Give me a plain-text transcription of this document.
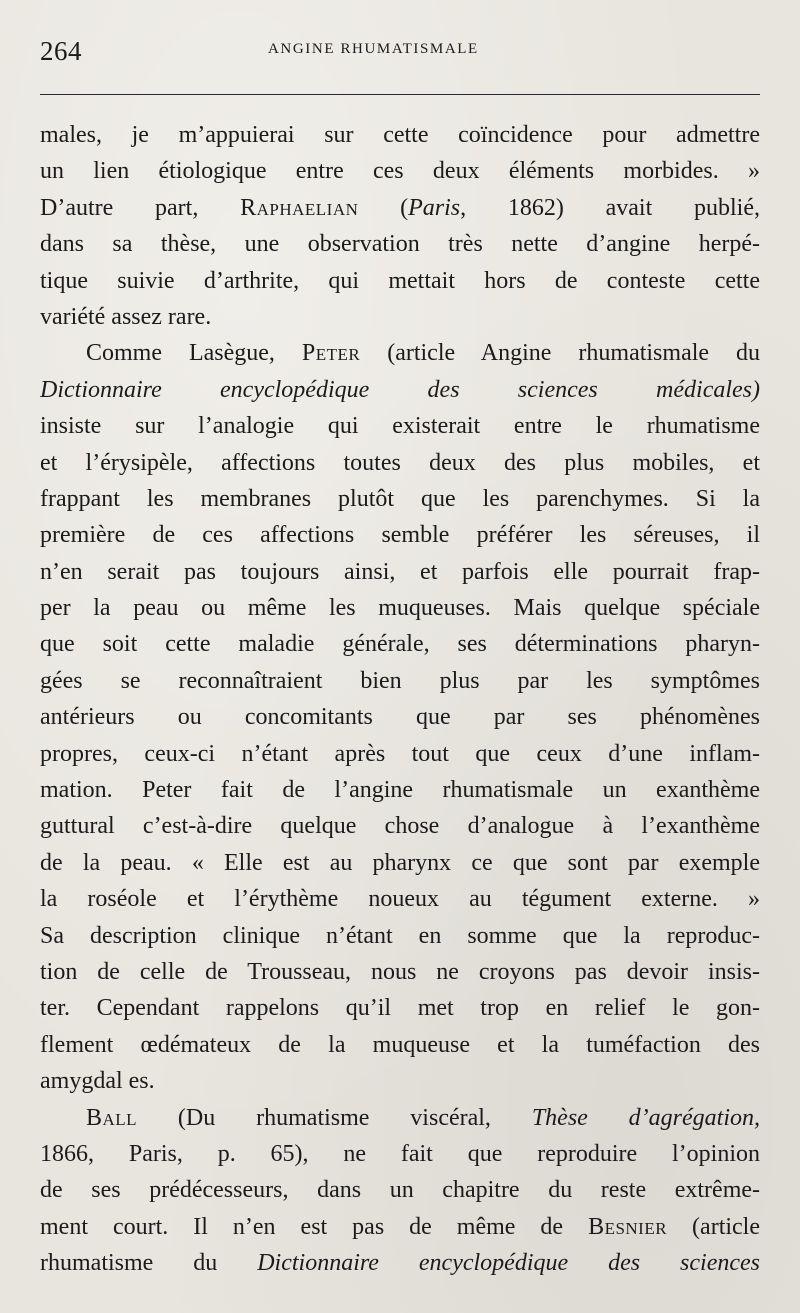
264	ANGINE RHUMATISMALE
males, je m’appuierai sur cette coïncidence pour admettre
un lien étiologique entre ces deux éléments morbides. »
D’autre part, Raphaelian (Paris, 1862) avait publié,
dans sa thèse, une observation très nette d’angine herpé-
tique suivie d’arthrite, qui mettait hors de conteste cette
variété assez rare.
Comme Lasègue, Peter (article Angine rhumatismale du
Dictionnaire encyclopédique des sciences médicales)
insiste sur l’analogie qui existerait entre le rhumatisme
et l’érysipèle, affections toutes deux des plus mobiles, et
frappant les membranes plutôt que les parenchymes. Si la
première de ces affections semble préférer les séreuses, il
n’en serait pas toujours ainsi, et parfois elle pourrait frap-
per la peau ou même les muqueuses. Mais quelque spéciale
que soit cette maladie générale, ses déterminations pharyn-
gées se reconnaîtraient bien plus par les symptômes
antérieurs ou concomitants que par ses phénomènes
propres, ceux-ci n’étant après tout que ceux d’une inflam-
mation. Peter fait de l’angine rhumatismale un exanthème
guttural c’est-à-dire quelque chose d’analogue à l’exanthème
de la peau. « Elle est au pharynx ce que sont par exemple
la roséole et l’érythème noueux au tégument externe. »
Sa description clinique n’étant en somme que la reproduc-
tion de celle de Trousseau, nous ne croyons pas devoir insis-
ter. Cependant rappelons qu’il met trop en relief le gon-
flement œdémateux de la muqueuse et la tuméfaction des
amygdal es.
Ball (Du rhumatisme viscéral, Thèse d’agrégation,
1866, Paris, p. 65), ne fait que reproduire l’opinion
de ses prédécesseurs, dans un chapitre du reste extrême-
ment court. Il n’en est pas de même de Besnier (article
rhumatisme du Dictionnaire encyclopédique des sciences
